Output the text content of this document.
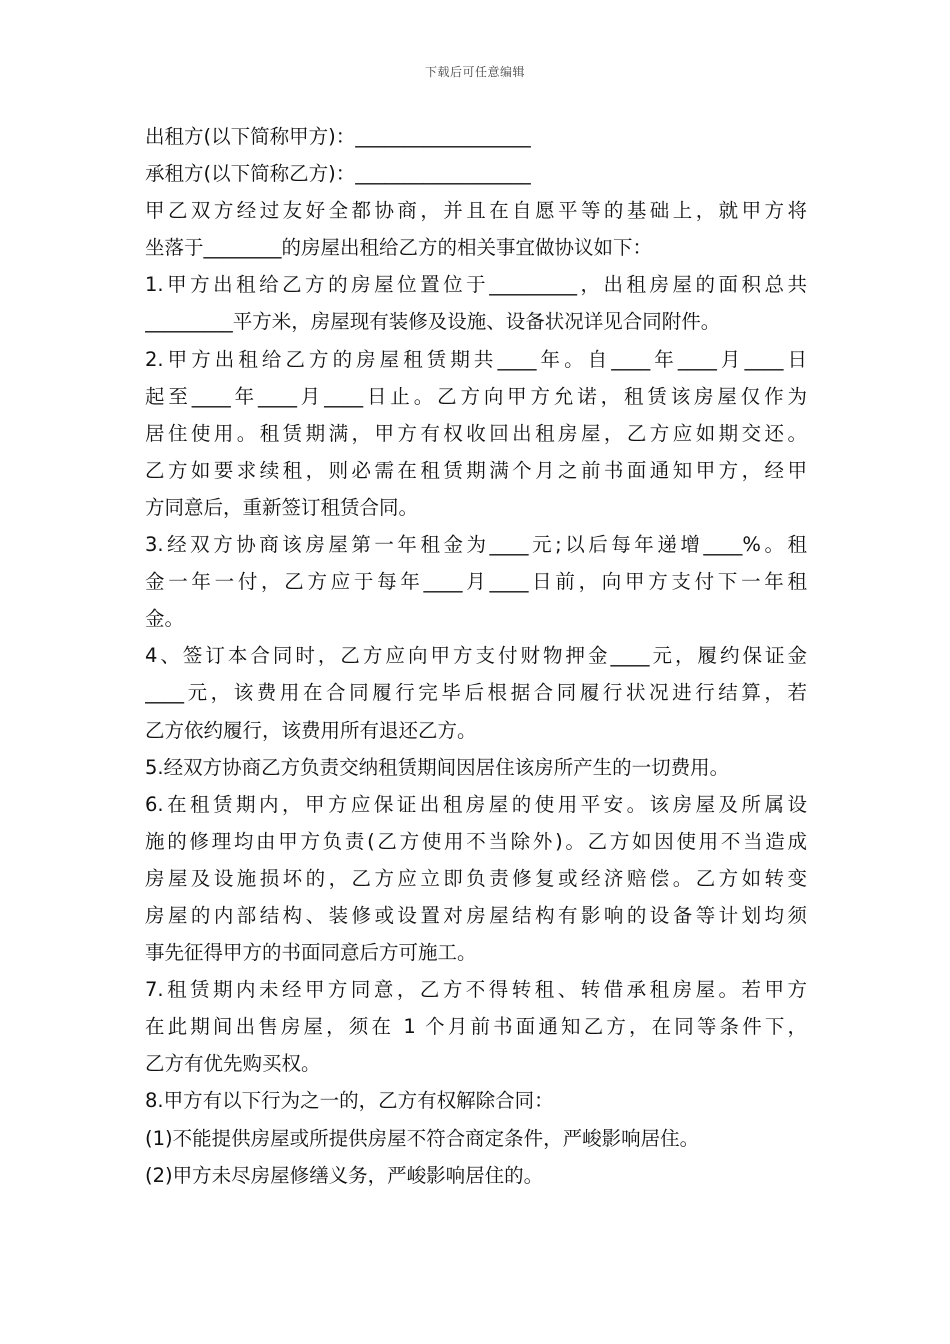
下载后可任意编辑
出租方(以下简称甲方)：__________________
承租方(以下简称乙方)：__________________
甲乙双方经过友好全都协商，并且在自愿平等的基础上，就甲方将
坐落于________的房屋出租给乙方的相关事宜做协议如下：
1.甲方出租给乙方的房屋位置位于_________，出租房屋的面积总共
_________平方米，房屋现有装修及设施、设备状况详见合同附件。
2.甲方出租给乙方的房屋租赁期共____年。自____年____月____日
起至____年____月____日止。乙方向甲方允诺，租赁该房屋仅作为
居住使用。租赁期满，甲方有权收回出租房屋，乙方应如期交还。
乙方如要求续租，则必需在租赁期满个月之前书面通知甲方，经甲
方同意后，重新签订租赁合同。
3.经双方协商该房屋第一年租金为____元;以后每年递增____%。租
金一年一付，乙方应于每年____月____日前，向甲方支付下一年租
金。
4、签订本合同时，乙方应向甲方支付财物押金____元，履约保证金
____元，该费用在合同履行完毕后根据合同履行状况进行结算，若
乙方依约履行，该费用所有退还乙方。
5.经双方协商乙方负责交纳租赁期间因居住该房所产生的一切费用。
6.在租赁期内，甲方应保证出租房屋的使用平安。该房屋及所属设
施的修理均由甲方负责(乙方使用不当除外)。乙方如因使用不当造成
房屋及设施损坏的，乙方应立即负责修复或经济赔偿。乙方如转变
房屋的内部结构、装修或设置对房屋结构有影响的设备等计划均须
事先征得甲方的书面同意后方可施工。
7.租赁期内未经甲方同意，乙方不得转租、转借承租房屋。若甲方
在此期间出售房屋，须在 1 个月前书面通知乙方，在同等条件下，
乙方有优先购买权。
8.甲方有以下行为之一的，乙方有权解除合同：
(1)不能提供房屋或所提供房屋不符合商定条件，严峻影响居住。
(2)甲方未尽房屋修缮义务，严峻影响居住的。
